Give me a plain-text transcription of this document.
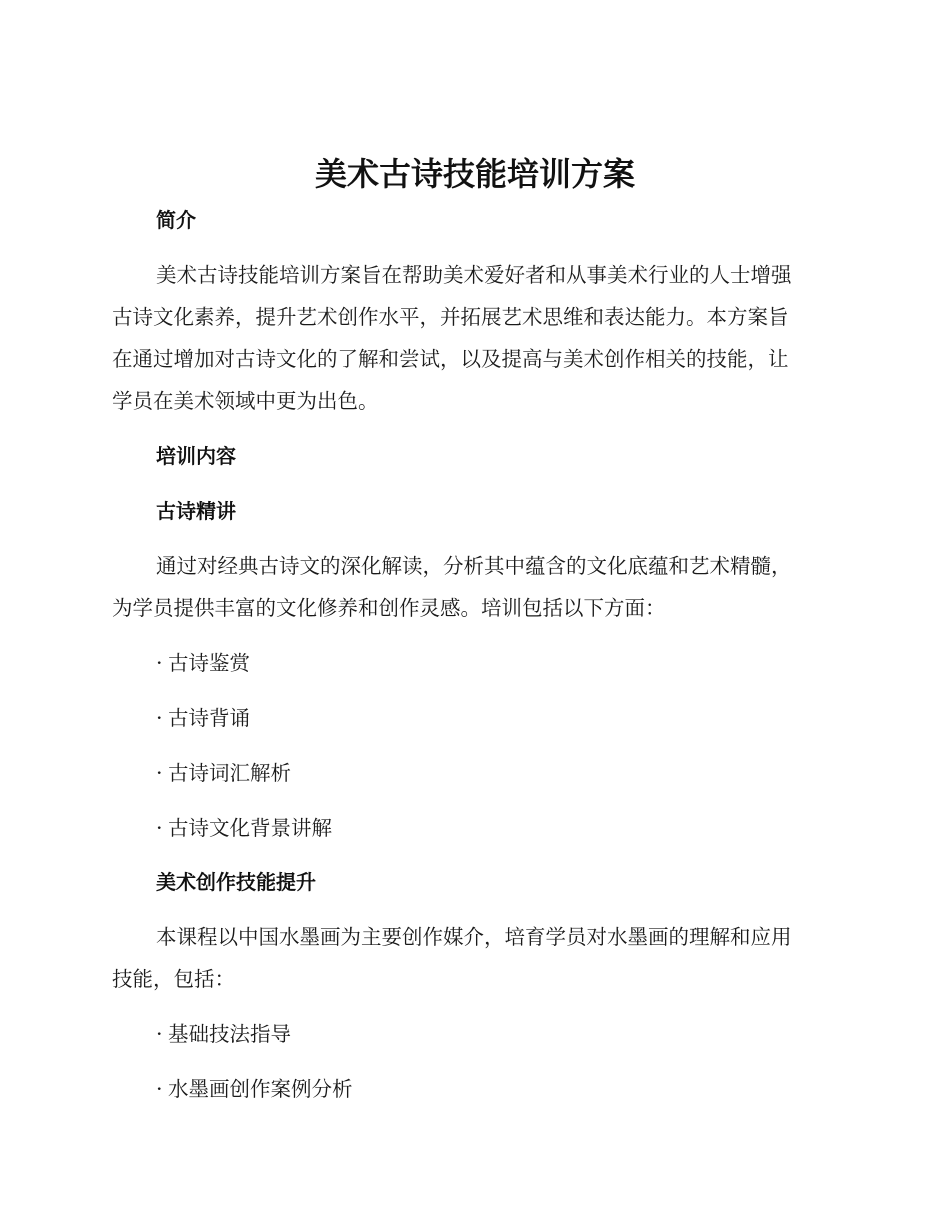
美术古诗技能培训方案
简介
美术古诗技能培训方案旨在帮助美术爱好者和从事美术行业的人士增强
古诗文化素养，提升艺术创作水平，并拓展艺术思维和表达能力。本方案旨
在通过增加对古诗文化的了解和尝试，以及提高与美术创作相关的技能，让
学员在美术领域中更为出色。
培训内容
古诗精讲
通过对经典古诗文的深化解读，分析其中蕴含的文化底蕴和艺术精髓，
为学员提供丰富的文化修养和创作灵感。培训包括以下方面：
· 古诗鉴赏
· 古诗背诵
· 古诗词汇解析
· 古诗文化背景讲解
美术创作技能提升
本课程以中国水墨画为主要创作媒介，培育学员对水墨画的理解和应用
技能，包括：
· 基础技法指导
· 水墨画创作案例分析
